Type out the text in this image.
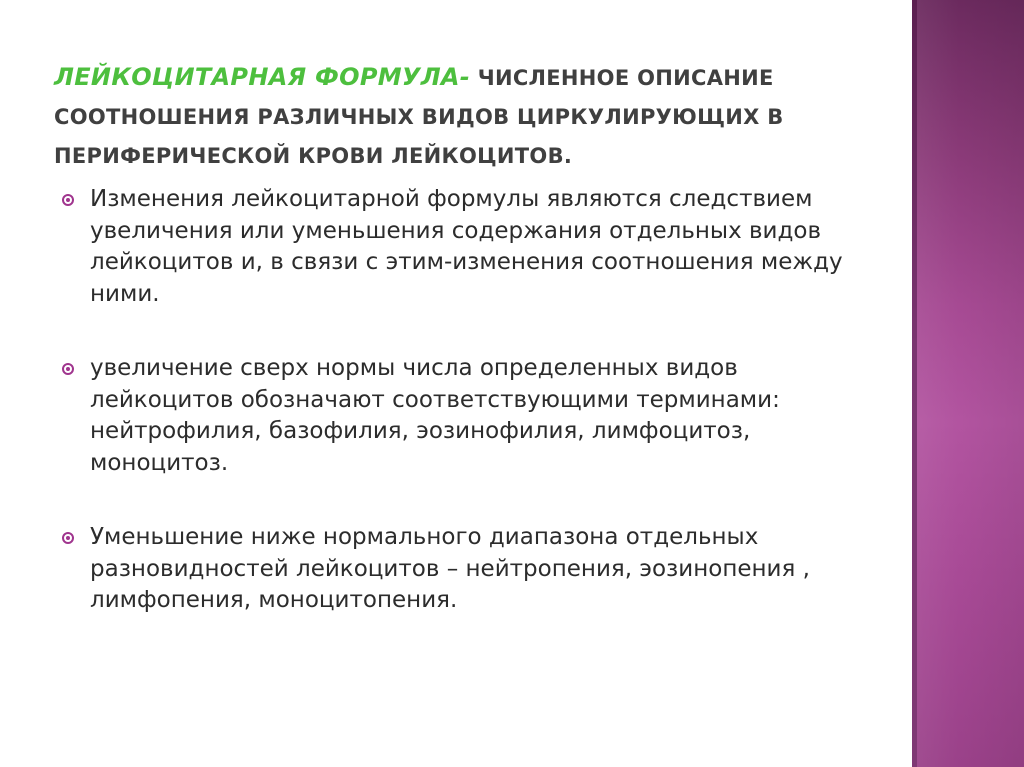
ЛЕЙКОЦИТАРНАЯ ФОРМУЛА- ЧИСЛЕННОЕ ОПИСАНИЕ СООТНОШЕНИЯ РАЗЛИЧНЫХ ВИДОВ ЦИРКУЛИРУЮЩИХ В ПЕРИФЕРИЧЕСКОЙ КРОВИ ЛЕЙКОЦИТОВ.
Изменения лейкоцитарной формулы являются следствием увеличения или уменьшения содержания отдельных видов лейкоцитов и, в связи с этим-изменения соотношения между ними.
увеличение сверх нормы числа определенных видов лейкоцитов обозначают соответствующими терминами: нейтрофилия, базофилия, эозинофилия, лимфоцитоз, моноцитоз.
Уменьшение ниже нормального диапазона отдельных разновидностей лейкоцитов – нейтропения, эозинопения , лимфопения, моноцитопения.
